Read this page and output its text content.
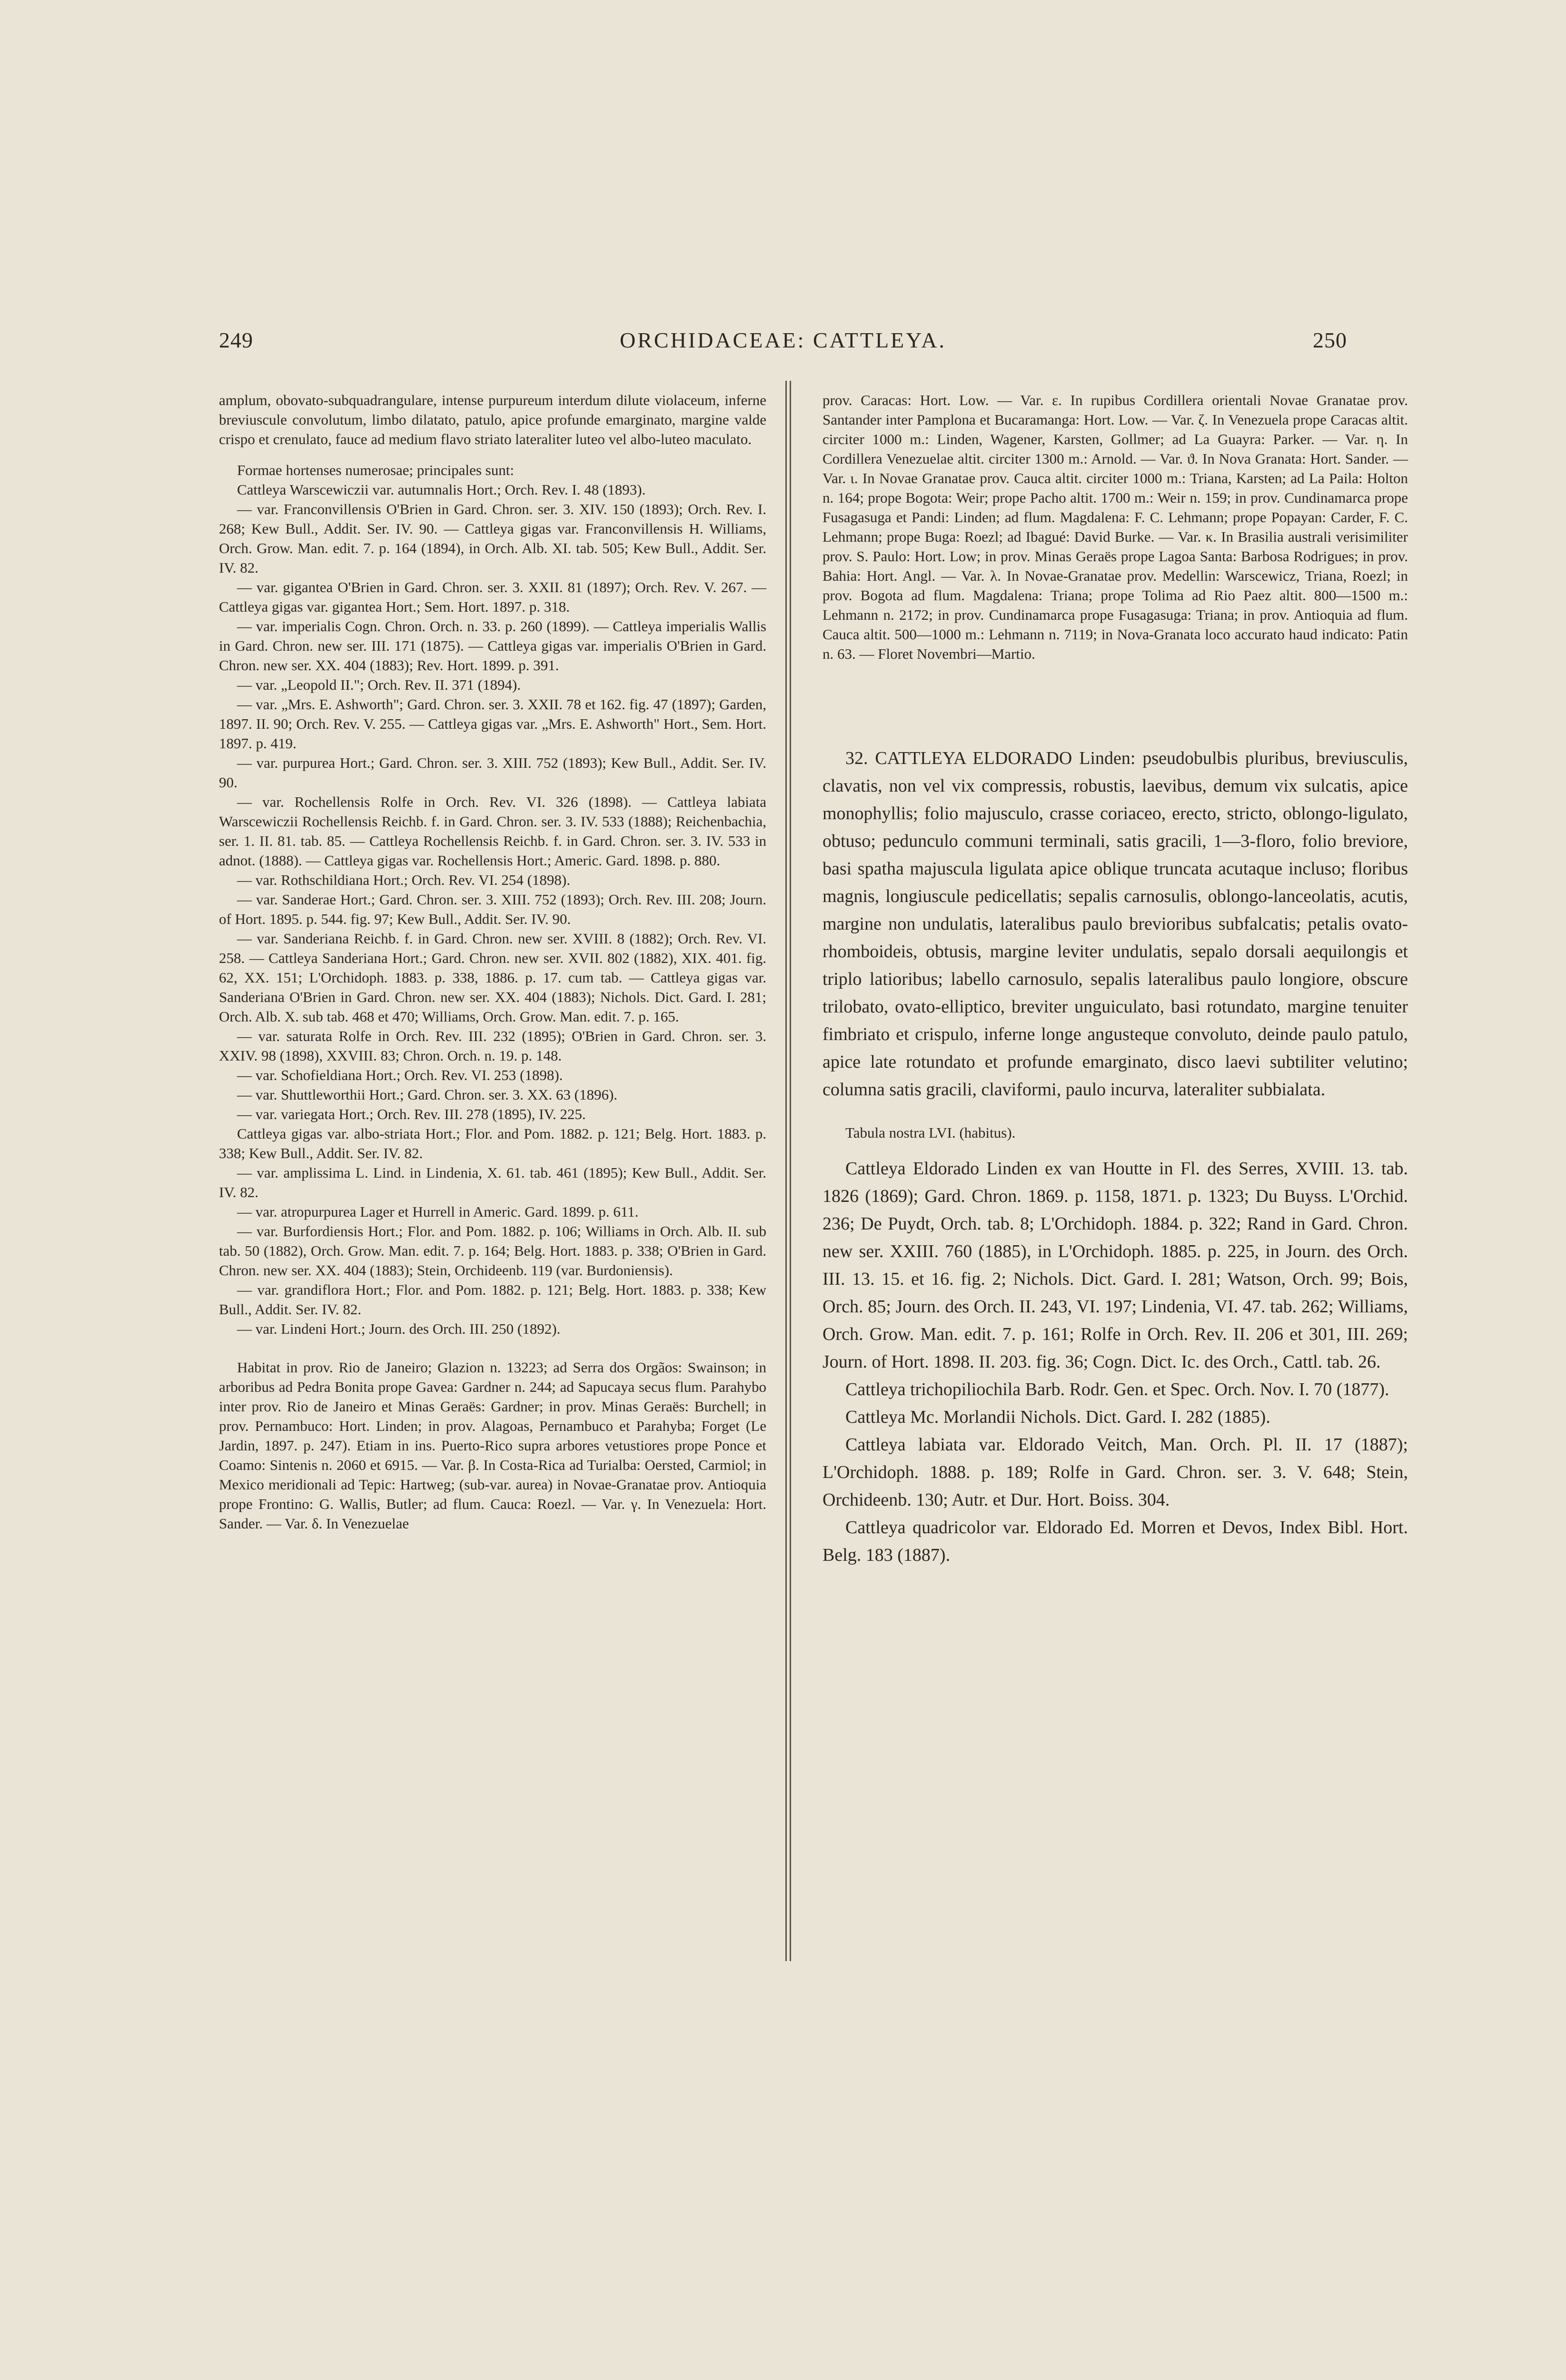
249	ORCHIDACEAE: CATTLEYA.	250

amplum, obovato-subquadrangulare, intense purpureum interdum dilute violaceum, inferne breviuscule convolutum, limbo dilatato, patulo, apice profunde emarginato, margine valde crispo et crenulato, fauce ad medium flavo striato lateraliter luteo vel albo-luteo maculato.

Formae hortenses numerosae; principales sunt:

Cattleya Warscewiczii var. autumnalis Hort.; Orch. Rev. I. 48 (1893).

— var. Franconvillensis O'Brien in Gard. Chron. ser. 3. XIV. 150 (1893); Orch. Rev. I. 268; Kew Bull., Addit. Ser. IV. 90. — Cattleya gigas var. Franconvillensis H. Williams, Orch. Grow. Man. edit. 7. p. 164 (1894), in Orch. Alb. XI. tab. 505; Kew Bull., Addit. Ser. IV. 82.

— var. gigantea O'Brien in Gard. Chron. ser. 3. XXII. 81 (1897); Orch. Rev. V. 267. — Cattleya gigas var. gigantea Hort.; Sem. Hort. 1897. p. 318.

— var. imperialis Cogn. Chron. Orch. n. 33. p. 260 (1899). — Cattleya imperialis Wallis in Gard. Chron. new ser. III. 171 (1875). — Cattleya gigas var. imperialis O'Brien in Gard. Chron. new ser. XX. 404 (1883); Rev. Hort. 1899. p. 391.

— var. „Leopold II."; Orch. Rev. II. 371 (1894).

— var. „Mrs. E. Ashworth"; Gard. Chron. ser. 3. XXII. 78 et 162. fig. 47 (1897); Garden, 1897. II. 90; Orch. Rev. V. 255. — Cattleya gigas var. „Mrs. E. Ashworth" Hort., Sem. Hort. 1897. p. 419.

— var. purpurea Hort.; Gard. Chron. ser. 3. XIII. 752 (1893); Kew Bull., Addit. Ser. IV. 90.

— var. Rochellensis Rolfe in Orch. Rev. VI. 326 (1898). — Cattleya labiata Warscewiczii Rochellensis Reichb. f. in Gard. Chron. ser. 3. IV. 533 (1888); Reichenbachia, ser. 1. II. 81. tab. 85. — Cattleya Rochellensis Reichb. f. in Gard. Chron. ser. 3. IV. 533 in adnot. (1888). — Cattleya gigas var. Rochellensis Hort.; Americ. Gard. 1898. p. 880.

— var. Rothschildiana Hort.; Orch. Rev. VI. 254 (1898).

— var. Sanderae Hort.; Gard. Chron. ser. 3. XIII. 752 (1893); Orch. Rev. III. 208; Journ. of Hort. 1895. p. 544. fig. 97; Kew Bull., Addit. Ser. IV. 90.

— var. Sanderiana Reichb. f. in Gard. Chron. new ser. XVIII. 8 (1882); Orch. Rev. VI. 258. — Cattleya Sanderiana Hort.; Gard. Chron. new ser. XVII. 802 (1882), XIX. 401. fig. 62, XX. 151; L'Orchidoph. 1883. p. 338, 1886. p. 17. cum tab. — Cattleya gigas var. Sanderiana O'Brien in Gard. Chron. new ser. XX. 404 (1883); Nichols. Dict. Gard. I. 281; Orch. Alb. X. sub tab. 468 et 470; Williams, Orch. Grow. Man. edit. 7. p. 165.

— var. saturata Rolfe in Orch. Rev. III. 232 (1895); O'Brien in Gard. Chron. ser. 3. XXIV. 98 (1898), XXVIII. 83; Chron. Orch. n. 19. p. 148.

— var. Schofieldiana Hort.; Orch. Rev. VI. 253 (1898).

— var. Shuttleworthii Hort.; Gard. Chron. ser. 3. XX. 63 (1896).

— var. variegata Hort.; Orch. Rev. III. 278 (1895), IV. 225.

Cattleya gigas var. albo-striata Hort.; Flor. and Pom. 1882. p. 121; Belg. Hort. 1883. p. 338; Kew Bull., Addit. Ser. IV. 82.

— var. amplissima L. Lind. in Lindenia, X. 61. tab. 461 (1895); Kew Bull., Addit. Ser. IV. 82.

— var. atropurpurea Lager et Hurrell in Americ. Gard. 1899. p. 611.

— var. Burfordiensis Hort.; Flor. and Pom. 1882. p. 106; Williams in Orch. Alb. II. sub tab. 50 (1882), Orch. Grow. Man. edit. 7. p. 164; Belg. Hort. 1883. p. 338; O'Brien in Gard. Chron. new ser. XX. 404 (1883); Stein, Orchideenb. 119 (var. Burdoniensis).

— var. grandiflora Hort.; Flor. and Pom. 1882. p. 121; Belg. Hort. 1883. p. 338; Kew Bull., Addit. Ser. IV. 82.

— var. Lindeni Hort.; Journ. des Orch. III. 250 (1892).

Habitat in prov. Rio de Janeiro; Glazion n. 13223; ad Serra dos Orgãos: Swainson; in arboribus ad Pedra Bonita prope Gavea: Gardner n. 244; ad Sapucaya secus flum. Parahybo inter prov. Rio de Janeiro et Minas Geraës: Gardner; in prov. Minas Geraës: Burchell; in prov. Pernambuco: Hort. Linden; in prov. Alagoas, Pernambuco et Parahyba; Forget (Le Jardin, 1897. p. 247). Etiam in ins. Puerto-Rico supra arbores vetustiores prope Ponce et Coamo: Sintenis n. 2060 et 6915. — Var. β. In Costa-Rica ad Turialba: Oersted, Carmiol; in Mexico meridionali ad Tepic: Hartweg; (sub-var. aurea) in Novae-Granatae prov. Antioquia prope Frontino: G. Wallis, Butler; ad flum. Cauca: Roezl. — Var. γ. In Venezuela: Hort. Sander. — Var. δ. In Venezuelae

prov. Caracas: Hort. Low. — Var. ε. In rupibus Cordillera orientali Novae Granatae prov. Santander inter Pamplona et Bucaramanga: Hort. Low. — Var. ζ. In Venezuela prope Caracas altit. circiter 1000 m.: Linden, Wagener, Karsten, Gollmer; ad La Guayra: Parker. — Var. η. In Cordillera Venezuelae altit. circiter 1300 m.: Arnold. — Var. ϑ. In Nova Granata: Hort. Sander. — Var. ι. In Novae Granatae prov. Cauca altit. circiter 1000 m.: Triana, Karsten; ad La Paila: Holton n. 164; prope Bogota: Weir; prope Pacho altit. 1700 m.: Weir n. 159; in prov. Cundinamarca prope Fusagasuga et Pandi: Linden; ad flum. Magdalena: F. C. Lehmann; prope Popayan: Carder, F. C. Lehmann; prope Buga: Roezl; ad Ibagué: David Burke. — Var. κ. In Brasilia australi verisimiliter prov. S. Paulo: Hort. Low; in prov. Minas Geraës prope Lagoa Santa: Barbosa Rodrigues; in prov. Bahia: Hort. Angl. — Var. λ. In Novae-Granatae prov. Medellin: Warscewicz, Triana, Roezl; in prov. Bogota ad flum. Magdalena: Triana; prope Tolima ad Rio Paez altit. 800—1500 m.: Lehmann n. 2172; in prov. Cundinamarca prope Fusagasuga: Triana; in prov. Antioquia ad flum. Cauca altit. 500—1000 m.: Lehmann n. 7119; in Nova-Granata loco accurato haud indicato: Patin n. 63. — Floret Novembri—Martio.

32. CATTLEYA ELDORADO Linden: pseudobulbis pluribus, breviusculis, clavatis, non vel vix compressis, robustis, laevibus, demum vix sulcatis, apice monophyllis; folio majusculo, crasse coriaceo, erecto, stricto, oblongo-ligulato, obtuso; pedunculo communi terminali, satis gracili, 1—3-floro, folio breviore, basi spatha majuscula ligulata apice oblique truncata acutaque incluso; floribus magnis, longiuscule pedicellatis; sepalis carnosulis, oblongo-lanceolatis, acutis, margine non undulatis, lateralibus paulo brevioribus subfalcatis; petalis ovato-rhomboideis, obtusis, margine leviter undulatis, sepalo dorsali aequilongis et triplo latioribus; labello carnosulo, sepalis lateralibus paulo longiore, obscure trilobato, ovato-elliptico, breviter unguiculato, basi rotundato, margine tenuiter fimbriato et crispulo, inferne longe angusteque convoluto, deinde paulo patulo, apice late rotundato et profunde emarginato, disco laevi subtiliter velutino; columna satis gracili, claviformi, paulo incurva, lateraliter subbialata.

Tabula nostra LVI. (habitus).

Cattleya Eldorado Linden ex van Houtte in Fl. des Serres, XVIII. 13. tab. 1826 (1869); Gard. Chron. 1869. p. 1158, 1871. p. 1323; Du Buyss. L'Orchid. 236; De Puydt, Orch. tab. 8; L'Orchidoph. 1884. p. 322; Rand in Gard. Chron. new ser. XXIII. 760 (1885), in L'Orchidoph. 1885. p. 225, in Journ. des Orch. III. 13. 15. et 16. fig. 2; Nichols. Dict. Gard. I. 281; Watson, Orch. 99; Bois, Orch. 85; Journ. des Orch. II. 243, VI. 197; Lindenia, VI. 47. tab. 262; Williams, Orch. Grow. Man. edit. 7. p. 161; Rolfe in Orch. Rev. II. 206 et 301, III. 269; Journ. of Hort. 1898. II. 203. fig. 36; Cogn. Dict. Ic. des Orch., Cattl. tab. 26.

Cattleya trichopiliochila Barb. Rodr. Gen. et Spec. Orch. Nov. I. 70 (1877).

Cattleya Mc. Morlandii Nichols. Dict. Gard. I. 282 (1885).

Cattleya labiata var. Eldorado Veitch, Man. Orch. Pl. II. 17 (1887); L'Orchidoph. 1888. p. 189; Rolfe in Gard. Chron. ser. 3. V. 648; Stein, Orchideenb. 130; Autr. et Dur. Hort. Boiss. 304.

Cattleya quadricolor var. Eldorado Ed. Morren et Devos, Index Bibl. Hort. Belg. 183 (1887).
